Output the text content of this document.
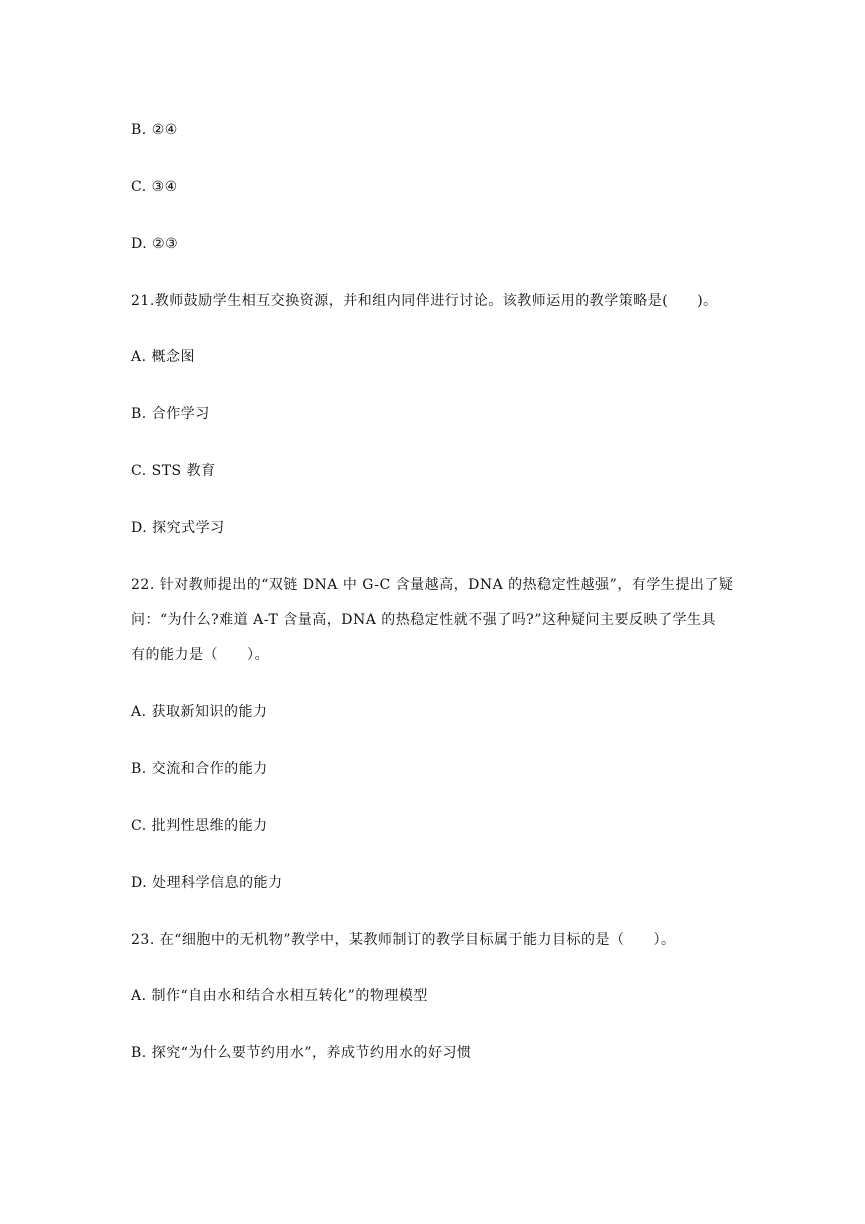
B. ②④
C. ③④
D. ②③
21.教师鼓励学生相互交换资源，并和组内同伴进行讨论。该教师运用的教学策略是(　　)。
A. 概念图
B. 合作学习
C. STS 教育
D. 探究式学习
22. 针对教师提出的“双链 DNA 中 G-C 含量越高，DNA 的热稳定性越强”，有学生提出了疑
问：“为什么?难道 A-T 含量高，DNA 的热稳定性就不强了吗?”这种疑问主要反映了学生具
有的能力是（　　）。
A. 获取新知识的能力
B. 交流和合作的能力
C. 批判性思维的能力
D. 处理科学信息的能力
23. 在“细胞中的无机物”教学中，某教师制订的教学目标属于能力目标的是（　　）。
A. 制作“自由水和结合水相互转化”的物理模型
B. 探究“为什么要节约用水”，养成节约用水的好习惯
